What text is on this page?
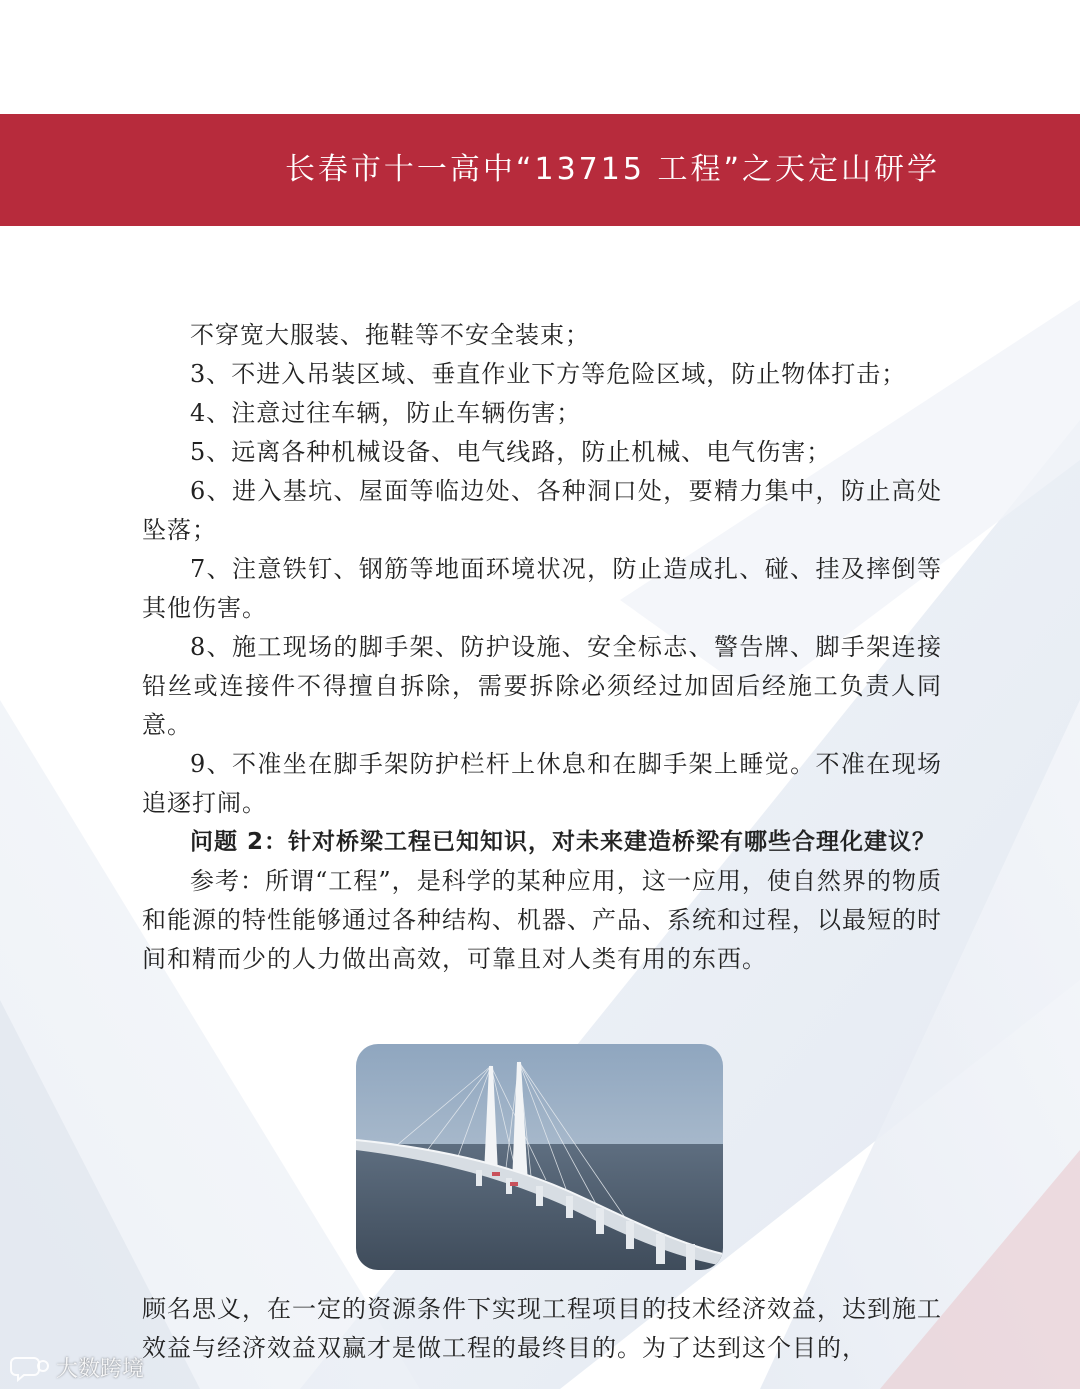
长春市十一高中“13715 工程”之天定山研学

不穿宽大服装、拖鞋等不安全装束；

3、不进入吊装区域、垂直作业下方等危险区域，防止物体打击；

4、注意过往车辆，防止车辆伤害；

5、远离各种机械设备、电气线路，防止机械、电气伤害；

6、进入基坑、屋面等临边处、各种洞口处，要精力集中，防止高处坠落；

7、注意铁钉、钢筋等地面环境状况，防止造成扎、碰、挂及摔倒等其他伤害。

8、施工现场的脚手架、防护设施、安全标志、警告牌、脚手架连接铅丝或连接件不得擅自拆除，需要拆除必须经过加固后经施工负责人同意。

9、不准坐在脚手架防护栏杆上休息和在脚手架上睡觉。不准在现场追逐打闹。

问题 2：针对桥梁工程已知知识，对未来建造桥梁有哪些合理化建议？

参考：所谓“工程”，是科学的某种应用，这一应用，使自然界的物质和能源的特性能够通过各种结构、机器、产品、系统和过程，以最短的时间和精而少的人力做出高效，可靠且对人类有用的东西。

顾名思义，在一定的资源条件下实现工程项目的技术经济效益，达到施工效益与经济效益双赢才是做工程的最终目的。为了达到这个目的，

大数跨境
